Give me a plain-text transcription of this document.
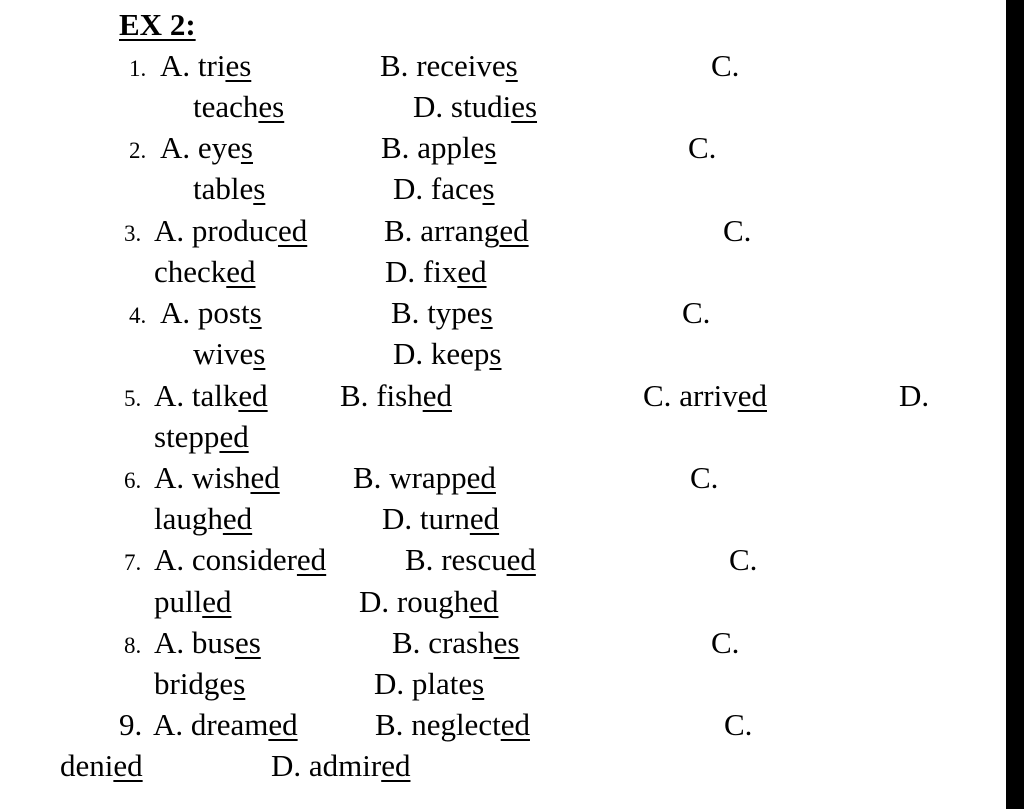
EX 2:
1. A. tries	B. receives	C.
teaches	D. studies
2. A. eyes	B. apples	C.
tables	D. faces
3. A. produced B. arranged	C.
checked	D. fixed
4. A. posts	B. types	C.
wives	D. keeps
5. A. talked B. fished	C. arrived	D.
stepped
6. A. wished B. wrapped	C.
laughed	D. turned
7. A. considered	B. rescued	C.
pulled	D. roughed
8. A. buses	B. crashes	C.
bridges	D. plates
9. A. dreamed B. neglected	C.
denied	D. admired
